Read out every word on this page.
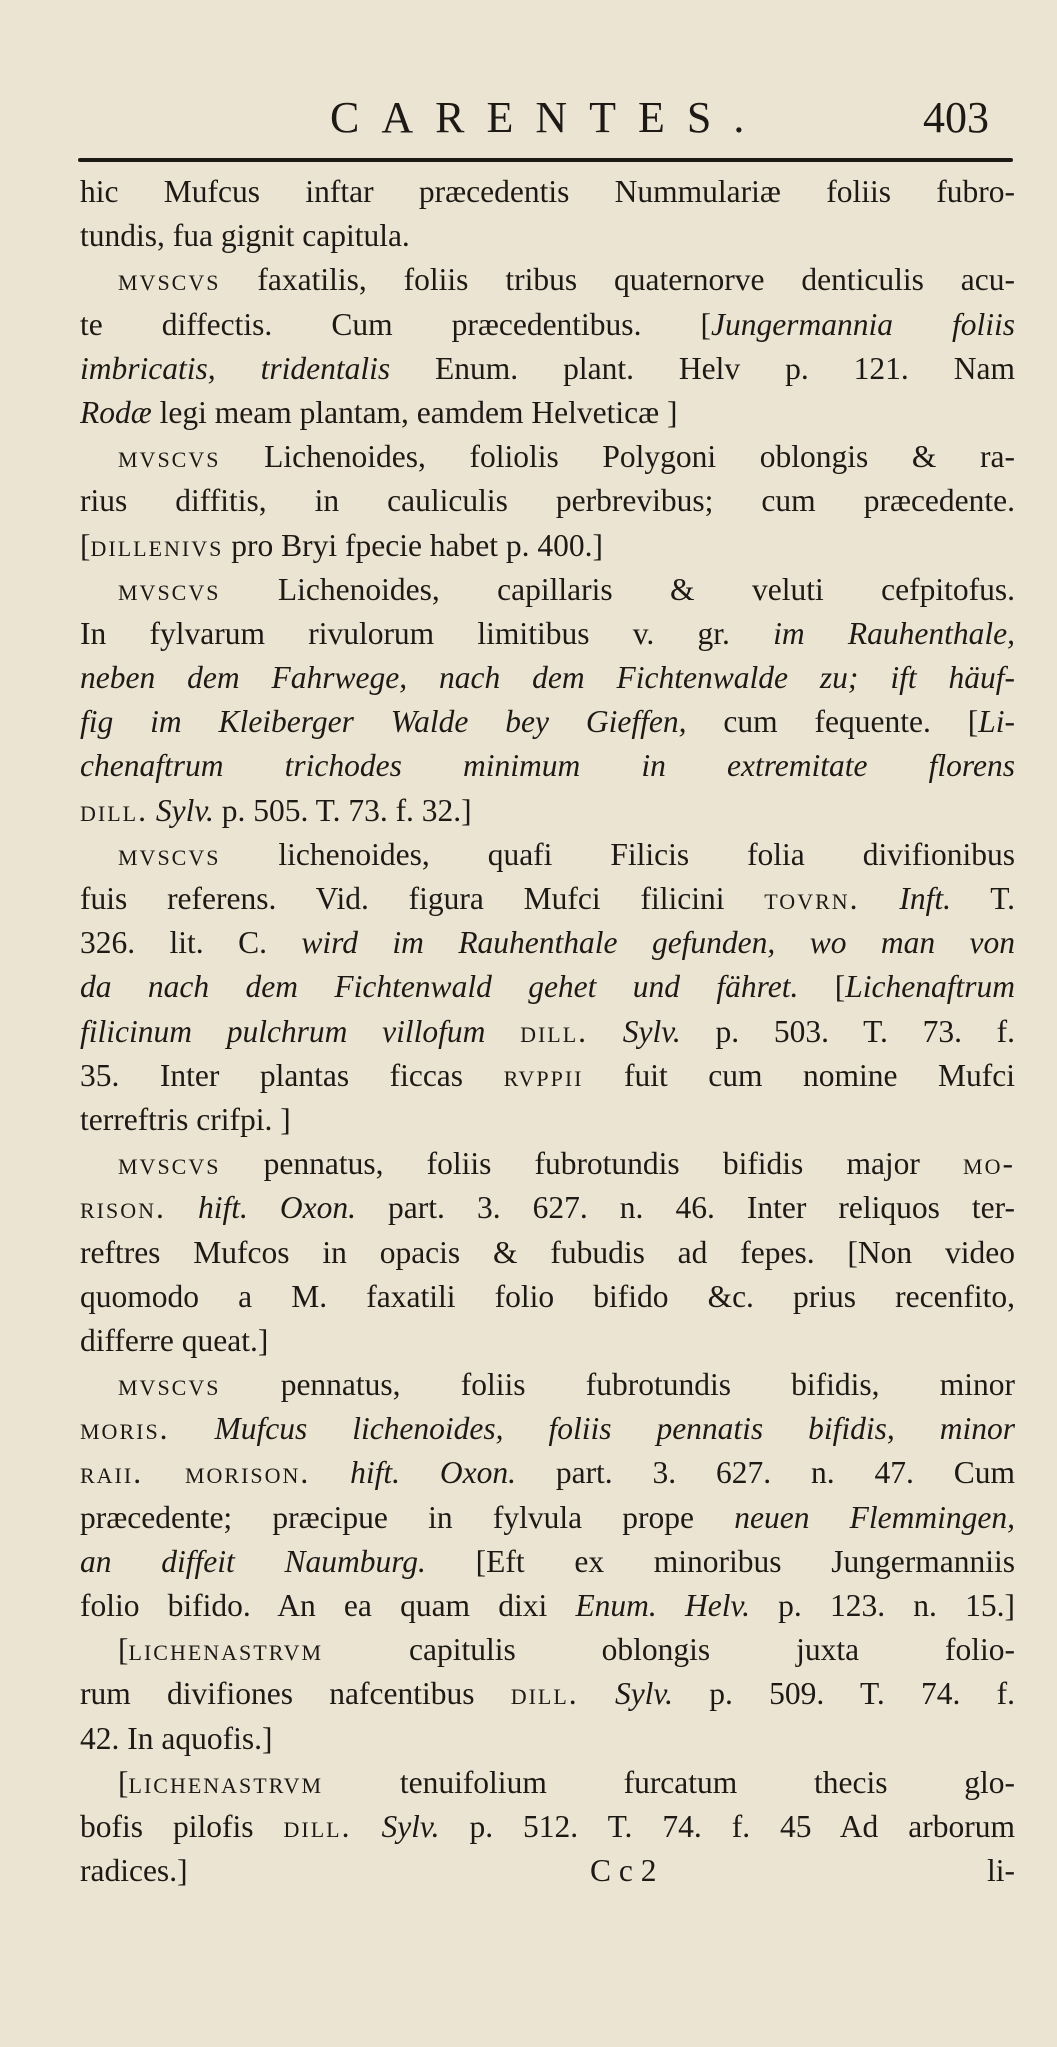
CARENTES.	403
hic Mufcus inftar præcedentis Nummulariæ foliis fubro-
tundis, fua gignit capitula.
mvscvs faxatilis, foliis tribus quaternorve denticulis acu-
te diffectis. Cum præcedentibus. [Jungermannia foliis
imbricatis, tridentalis Enum. plant. Helv p. 121. Nam
Rodæ legi meam plantam, eamdem Helveticæ ]
mvscvs Lichenoides, foliolis Polygoni oblongis & ra-
rius diffitis, in cauliculis perbrevibus; cum præcedente.
[dillenivs pro Bryi fpecie habet p. 400.]
mvscvs Lichenoides, capillaris & veluti cefpitofus.
In fylvarum rivulorum limitibus v. gr. im Rauhenthale,
neben dem Fahrwege, nach dem Fichtenwalde zu; ift häuf-
fig im Kleiberger Walde bey Gieffen, cum fequente. [Li-
chenaftrum trichodes minimum in extremitate florens
dill. Sylv. p. 505. T. 73. f. 32.]
mvscvs lichenoides, quafi Filicis folia divifionibus
fuis referens. Vid. figura Mufci filicini tovrn. Inft. T.
326. lit. C. wird im Rauhenthale gefunden, wo man von
da nach dem Fichtenwald gehet und fähret. [Lichenaftrum
filicinum pulchrum villofum dill. Sylv. p. 503. T. 73. f.
35. Inter plantas ficcas rvppii fuit cum nomine Mufci
terreftris crifpi. ]
mvscvs pennatus, foliis fubrotundis bifidis major mo-
rison. hift. Oxon. part. 3. 627. n. 46. Inter reliquos ter-
reftres Mufcos in opacis & fubudis ad fepes. [Non video
quomodo a M. faxatili folio bifido &c. prius recenfito,
differre queat.]
mvscvs pennatus, foliis fubrotundis bifidis, minor
moris. Mufcus lichenoides, foliis pennatis bifidis, minor
raii. morison. hift. Oxon. part. 3. 627. n. 47. Cum
præcedente; præcipue in fylvula prope neuen Flemmingen,
an diffeit Naumburg. [Eft ex minoribus Jungermanniis
folio bifido. An ea quam dixi Enum. Helv. p. 123. n. 15.]
[lichenastrvm capitulis oblongis juxta folio-
rum divifiones nafcentibus dill. Sylv. p. 509. T. 74. f.
42. In aquofis.]
[lichenastrvm tenuifolium furcatum thecis glo-
bofis pilofis dill. Sylv. p. 512. T. 74. f. 45 Ad arborum
radices.]	C c 2	li-
